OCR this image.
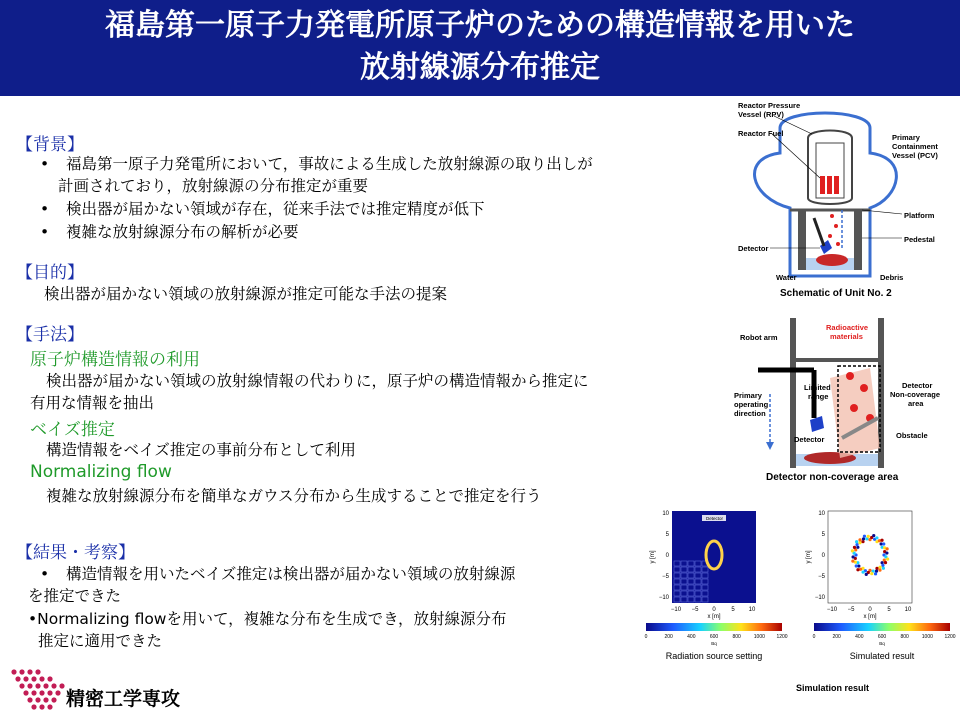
福島第一原子力発電所原子炉のための構造情報を用いた
放射線源分布推定
【背景】
• 福島第一原子力発電所において，事故による生成した放射線源の取り出しが
計画されており，放射線源の分布推定が重要
• 検出器が届かない領域が存在，従来手法では推定精度が低下
• 複雑な放射線源分布の解析が必要
【目的】
検出器が届かない領域の放射線源が推定可能な手法の提案
【手法】
原子炉構造情報の利用
検出器が届かない領域の放射線情報の代わりに，原子炉の構造情報から推定に
有用な情報を抽出
ベイズ推定
構造情報をベイズ推定の事前分布として利用
Normalizing flow
複雑な放射線源分布を簡単なガウス分布から生成することで推定を行う
【結果・考察】
• 構造情報を用いたベイズ推定は検出器が届かない領域の放射線源
を推定できた
•Normalizing flowを用いて，複雑な分布を生成でき，放射線源分布
推定に適用できた
精密工学専攻
Reactor Pressure
Vessel (RPV)
Reactor Fuel	Primary
Containment
Vessel (PCV)
Platform
Pedestal
Detector
Water	Debris
Schematic of Unit No. 2
Robot arm
Radioactive
materials
Primary
operating
direction
Limited
range
Detector
Non-coverage
area
Obstacle
Detector
Detector non-coverage area
Detector
−10 −5 0	5 10
10
5
0
−5
−10
x [m]
y [m]
−10 −5 0	5 10
10
5
0
−5
−10
x [m]
y [m]
0	200	400	600	800	1000 1200	0	200	400	600	800	1000 1200
Bq	Bq
Radiation source setting	Simulated result
Simulation result
